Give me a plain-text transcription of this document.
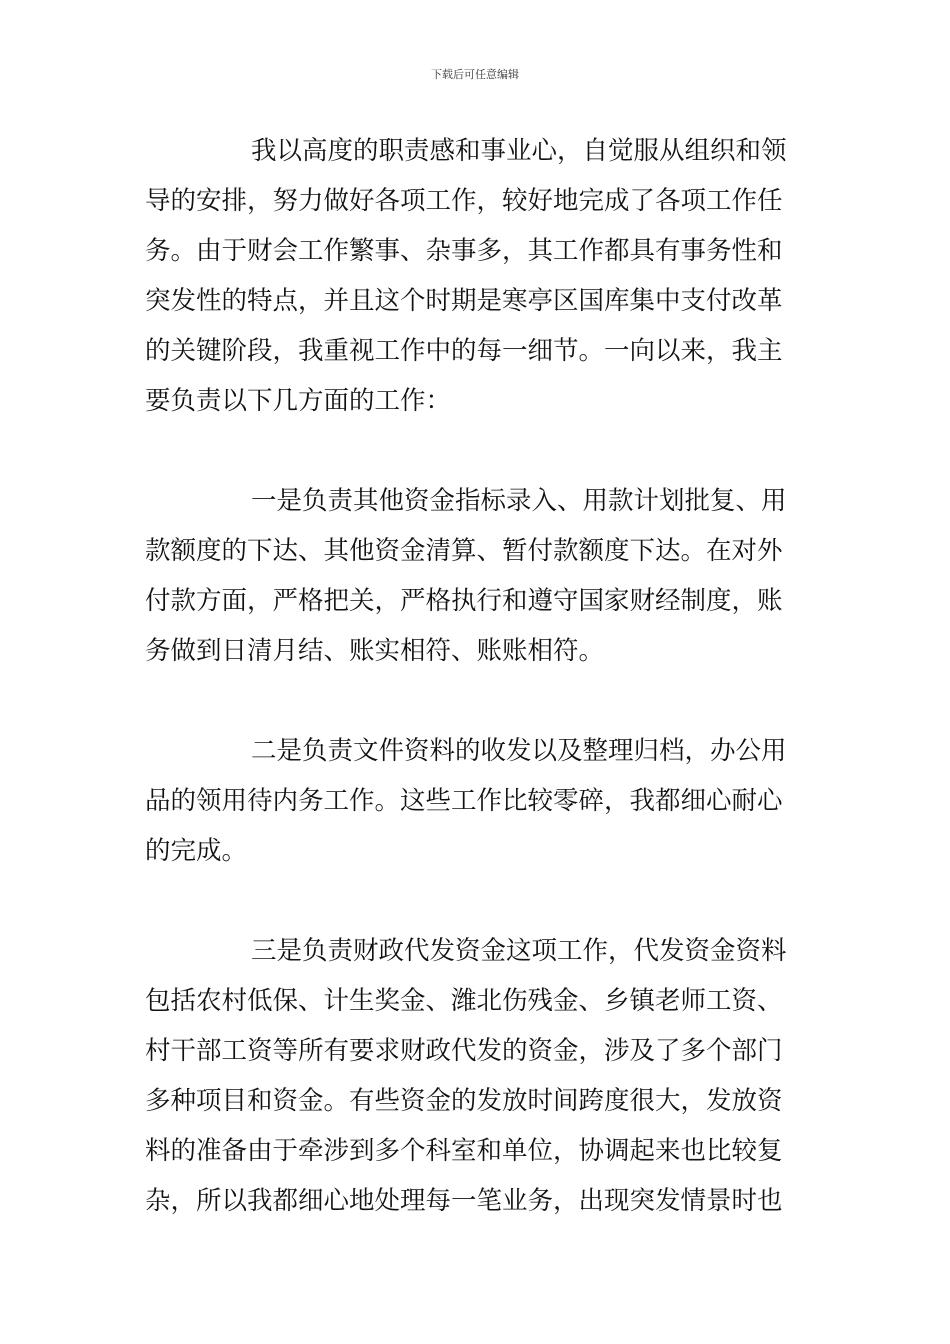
下载后可任意编辑
我以高度的职责感和事业心，自觉服从组织和领
导的安排，努力做好各项工作，较好地完成了各项工作任
务。由于财会工作繁事、杂事多，其工作都具有事务性和
突发性的特点，并且这个时期是寒亭区国库集中支付改革
的关键阶段，我重视工作中的每一细节。一向以来，我主
要负责以下几方面的工作：
一是负责其他资金指标录入、用款计划批复、用
款额度的下达、其他资金清算、暂付款额度下达。在对外
付款方面，严格把关，严格执行和遵守国家财经制度，账
务做到日清月结、账实相符、账账相符。
二是负责文件资料的收发以及整理归档，办公用
品的领用待内务工作。这些工作比较零碎，我都细心耐心
的完成。
三是负责财政代发资金这项工作，代发资金资料
包括农村低保、计生奖金、潍北伤残金、乡镇老师工资、
村干部工资等所有要求财政代发的资金，涉及了多个部门
多种项目和资金。有些资金的发放时间跨度很大，发放资
料的准备由于牵涉到多个科室和单位，协调起来也比较复
杂，所以我都细心地处理每一笔业务，出现突发情景时也
